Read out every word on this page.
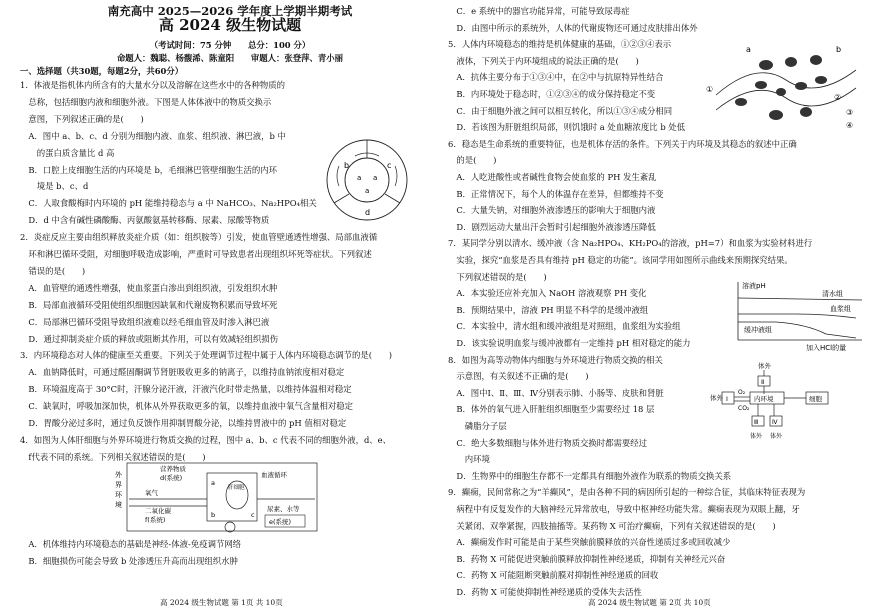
南充高中 2025—2026 学年度上学期半期考试
高 2024 级生物试题
（考试时间：75 分钟　　总分：100 分）
命题人：魏聪、杨馥浠、陈童阳　　审题人：张登萍、青小丽
一、选择题（共30题，每题2分，共60分）
1．体液是指机体内所含有的大量水分以及溶解在这些水中的各种物质的
　总称，包括细胞内液和细胞外液。下图是人体体液中的物质交换示
　意图，下列叙述正确的是(　　)
　A．图中 a、b、c、d 分别为细胞内液、血浆、组织液、淋巴液，b 中
　　的蛋白质含量比 d 高
　B．口腔上皮细胞生活的内环境是 b，毛细淋巴管壁细胞生活的内环
　　境是 b、c、d
　C．人取食酸梅时内环境的 pH 能维持稳态与 a 中 NaHCO₃、Na₂HPO₄相关
　D．d 中含有碱性磷酸酶、丙氨酸氨基转移酶、尿素、尿酸等物质
2．炎症反应主要由组织释放炎症介质（如：组织胺等）引发，使血管壁通透性增强、局部血液循
　环和淋巴循环受阻，对细胞呼吸造成影响，严重时可导致患者出现组织坏死等症状。下列叙述
　错误的是(　　)
　A．血管壁的通透性增强，使血浆蛋白渗出到组织液，引发组织水肿
　B．局部血液循环受阻使组织细胞因缺氧和代谢废物积累而导致坏死
　C．局部淋巴循环受阻导致组织液难以经毛细血管及时渗入淋巴液
　D．通过抑制炎症介质的释放或阻断其作用，可以有效减轻组织损伤
3．内环境稳态对人体的健康至关重要。下列关于处理调节过程中属于人体内环境稳态调节的是(　　)
　A．血钠降低时，可通过醛固酮调节肾脏吸收更多的钠离子，以维持血钠浓度相对稳定
　B．环境温度高于 30°C时，汗腺分泌汗液，汗液汽化时带走热量，以维持体温相对稳定
　C．缺氧时，呼吸加深加快，机体从外界获取更多的氧，以维持血液中氧气含量相对稳定
　D．胃酸分泌过多时，通过负反馈作用抑制胃酸分泌，以维持胃液中的 pH 值相对稳定
4．如图为人体肝细胞与外界环境进行物质交换的过程，图中 a、b、c 代表不同的细胞外液，d、e、
　f代表不同的系统。下列相关叙述错误的是(　　)
　A．机体维持内环境稳态的基础是神经-体液-免疫调节网络
　B．细胞损伤可能会导致 b 处渗透压升高而出现组织水肿
b	c
d
a a
a
外
界
环
境
营养物质
d(系统)
氧气
二氧化碳
f(系统)
肝细胞
a
b	c
血液循环
尿素、水等
e(系统)
高 2024 级生物试题 第 1页 共 10页
　C．e 系统中的器官功能异常，可能导致尿毒症
　D．由图中所示的系统外，人体的代谢废物还可通过皮肤排出体外
5．人体内环境稳态的维持是机体健康的基础，①②③④表示
　液体，下列关于内环境组成的说法正确的是(　　)
　A．抗体主要分布于①③④中，在②中与抗原特异性结合
　B．内环境处于稳态时，①②③④的成分保持稳定不变
　C．由于细胞外液之间可以相互转化，所以①③④成分相同
　D．若该图为肝脏组织局部，则饥饿时 a 处血糖浓度比 b 处低
6．稳态是生命系统的重要特征，也是机体存活的条件。下列关于内环境及其稳态的叙述中正确
　的是(　　)
　A．人吃进酸性或者碱性食物会使血浆的 PH 发生紊乱
　B．正常情况下，每个人的体温存在差异，但都维持不变
　C．大量失钠，对细胞外液渗透压的影响大于细胞内液
　D．剧烈运动大量出汗会暂时引起细胞外液渗透压降低
7．某同学分别以清水、缓冲液（含 Na₂HPO₄、KH₂PO₄的溶液，pH=7）和血浆为实验材料进行
　实验，探究“血浆是否具有维持 pH 稳定的功能”。该同学用如图所示曲线来预期探究结果。
　下列叙述错误的是(　　)
　A．本实验还应补充加入 NaOH 溶液观察 PH 变化
　B．预期结果中，溶液 PH 明显不科学的是缓冲液组
　C．本实验中，清水组和缓冲液组是对照组，血浆组为实验组
　D．该实验说明血浆与缓冲液都有一定维持 pH 相对稳定的能力
8．如图为高等动物体内细胞与外环境进行物质交换的相关
　示意图，有关叙述不正确的是(　　)
　A．图中Ⅰ、Ⅱ、Ⅲ、Ⅳ分别表示肺、小肠等、皮肤和肾脏
　B．体外的氧气进入肝脏组织细胞至少需要经过 18 层
　　磷脂分子层
　C．绝大多数细胞与体外进行物质交换时都需要经过
　　内环境
　D．生物界中的细胞生存都不一定都具有细胞外液作为联系的物质交换关系
9．癫痫，民间常称之为“羊癫风”，是由各种不同的病因所引起的一种综合征，其临床特征表现为
　病程中有反复发作的大脑神经元异常放电，导致中枢神经功能失常。癫痫表现为双眼上翻，牙
　关紧闭、双拳紧握，四肢抽搐等。某药物 X 可治疗癫痫，下列有关叙述错误的是(　　)
　A．癫痫发作时可能是由于某些突触前膜释放的兴奋性递质过多或回收减少
　B．药物 X 可能促进突触前膜释放抑制性神经递质，抑制有关神经元兴奋
　C．药物 X 可能阻断突触前膜对抑制性神经递质的回收
　D．药物 X 可能使抑制性神经递质的受体失去活性
①
②
③
④
a	b
溶液pH
清水组
血浆组
缓冲液组
加入HCl的量
体外
Ⅱ
体外 Ⅰ
O₂
CO₂
内环境	细胞
Ⅲ Ⅳ
体外 体外
高 2024 级生物试题 第 2页 共 10页
